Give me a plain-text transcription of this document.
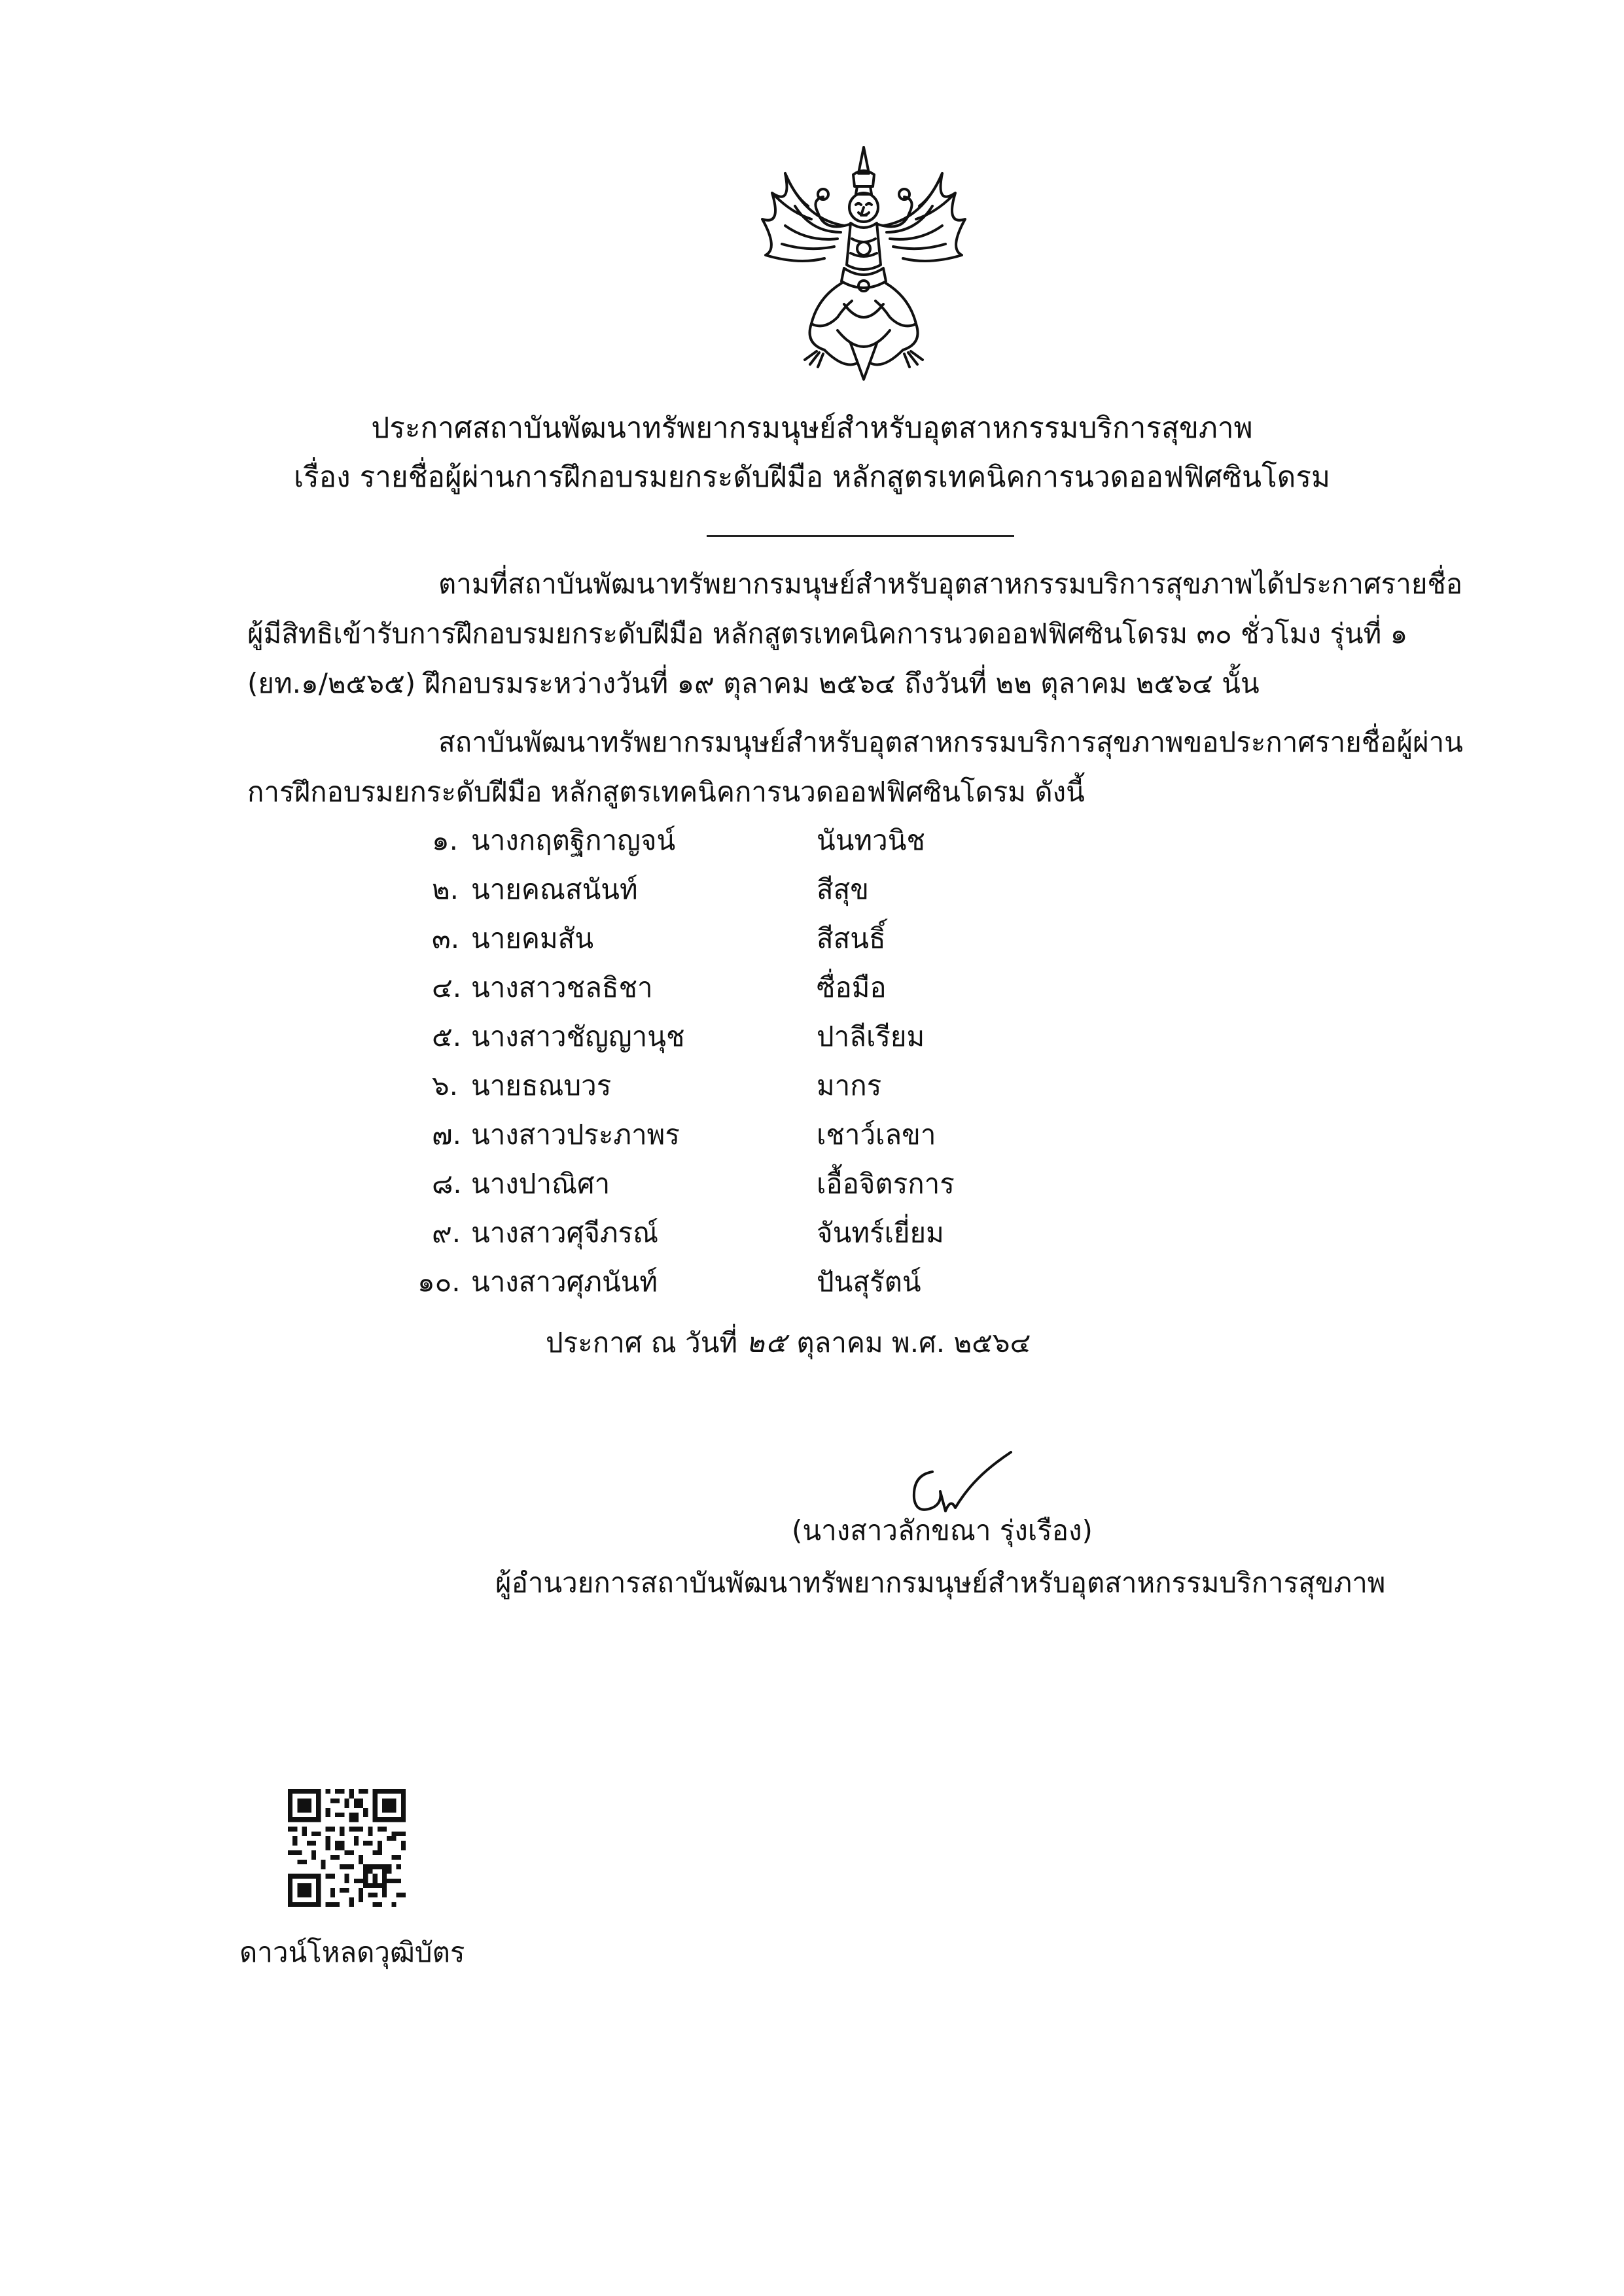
ประกาศสถาบันพัฒนาทรัพยากรมนุษย์สำหรับอุตสาหกรรมบริการสุขภาพ
เรื่อง รายชื่อผู้ผ่านการฝึกอบรมยกระดับฝีมือ หลักสูตรเทคนิคการนวดออฟฟิศซินโดรม
ตามที่สถาบันพัฒนาทรัพยากรมนุษย์สำหรับอุตสาหกรรมบริการสุขภาพได้ประกาศรายชื่อ
ผู้มีสิทธิเข้ารับการฝึกอบรมยกระดับฝีมือ หลักสูตรเทคนิคการนวดออฟฟิศซินโดรม ๓๐ ชั่วโมง รุ่นที่ ๑
(ยท.๑/๒๕๖๕) ฝึกอบรมระหว่างวันที่ ๑๙ ตุลาคม ๒๕๖๔ ถึงวันที่ ๒๒ ตุลาคม ๒๕๖๔ นั้น
สถาบันพัฒนาทรัพยากรมนุษย์สำหรับอุตสาหกรรมบริการสุขภาพขอประกาศรายชื่อผู้ผ่าน
การฝึกอบรมยกระดับฝีมือ หลักสูตรเทคนิคการนวดออฟฟิศซินโดรม ดังนี้
๑. นางกฤตฐิกาญจน์	นันทวนิช
๒. นายคณสนันท์	สีสุข
๓. นายคมสัน	สีสนธิ์
๔. นางสาวชลธิชา	ซื่อมือ
๕. นางสาวชัญญานุช	ปาลีเรียม
๖. นายธณบวร	มากร
๗. นางสาวประภาพร	เชาว์เลขา
๘. นางปาณิศา	เอื้อจิตรการ
๙. นางสาวศุจีภรณ์	จันทร์เยี่ยม
๑๐. นางสาวศุภนันท์	ปันสุรัตน์
ประกาศ ณ วันที่ ๒๕ ตุลาคม พ.ศ. ๒๕๖๔
(นางสาวลักขณา รุ่งเรือง)
ผู้อำนวยการสถาบันพัฒนาทรัพยากรมนุษย์สำหรับอุตสาหกรรมบริการสุขภาพ
ดาวน์โหลดวุฒิบัตร
